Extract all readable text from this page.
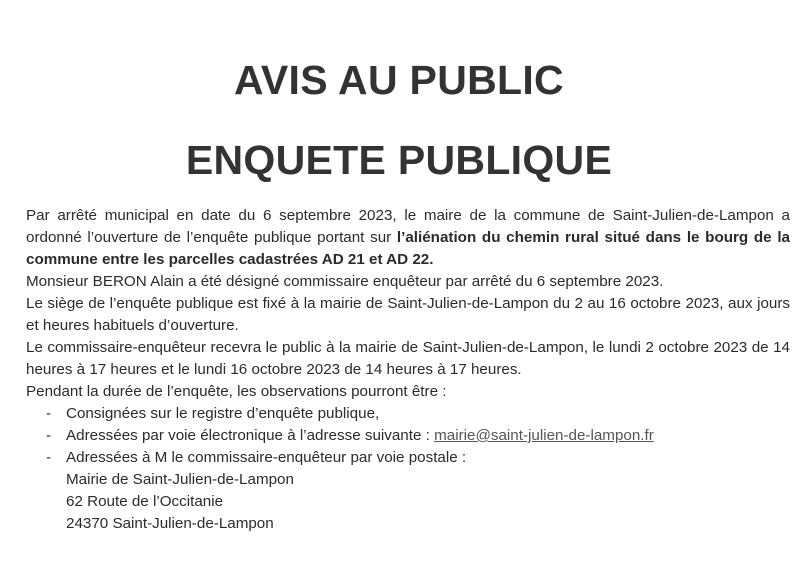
AVIS AU PUBLIC
ENQUETE PUBLIQUE

Par arrêté municipal en date du 6 septembre 2023, le maire de la commune de Saint-Julien-de-Lampon a ordonné l’ouverture de l’enquête publique portant sur l’aliénation du chemin rural situé dans le bourg de la commune entre les parcelles cadastrées AD 21 et AD 22.

Monsieur BERON Alain a été désigné commissaire enquêteur par arrêté du 6 septembre 2023.

Le siège de l’enquête publique est fixé à la mairie de Saint-Julien-de-Lampon du 2 au 16 octobre 2023, aux jours et heures habituels d’ouverture.

Le commissaire-enquêteur recevra le public à la mairie de Saint-Julien-de-Lampon, le lundi 2 octobre 2023 de 14 heures à 17 heures et le lundi 16 octobre 2023 de 14 heures à 17 heures.

Pendant la durée de l’enquête, les observations pourront être :

- Consignées sur le registre d’enquête publique,
- Adressées par voie électronique à l’adresse suivante : mairie@saint-julien-de-lampon.fr
- Adressées à M le commissaire-enquêteur par voie postale :
Mairie de Saint-Julien-de-Lampon
62 Route de l’Occitanie
24370 Saint-Julien-de-Lampon
